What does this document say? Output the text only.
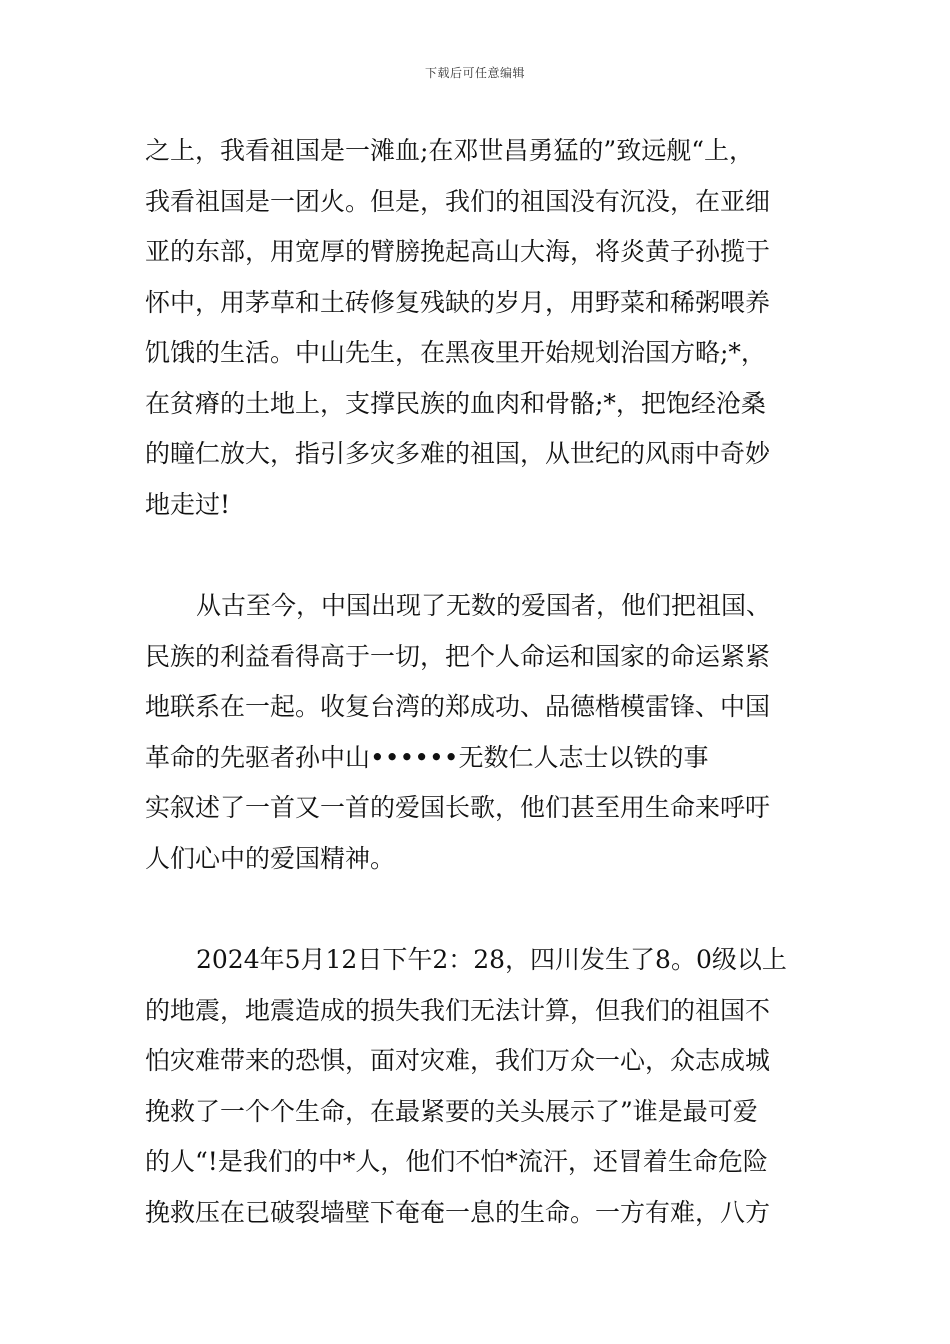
下载后可任意编辑
之上，我看祖国是一滩血;在邓世昌勇猛的”致远舰“上，
我看祖国是一团火。但是，我们的祖国没有沉没，在亚细
亚的东部，用宽厚的臂膀挽起高山大海，将炎黄子孙揽于
怀中，用茅草和土砖修复残缺的岁月，用野菜和稀粥喂养
饥饿的生活。中山先生，在黑夜里开始规划治国方略;*，
在贫瘠的土地上，支撑民族的血肉和骨骼;*，把饱经沧桑
的瞳仁放大，指引多灾多难的祖国，从世纪的风雨中奇妙
地走过!
从古至今，中国出现了无数的爱国者，他们把祖国、
民族的利益看得高于一切，把个人命运和国家的命运紧紧
地联系在一起。收复台湾的郑成功、品德楷模雷锋、中国
革命的先驱者孙中山••••••无数仁人志士以铁的事
实叙述了一首又一首的爱国长歌，他们甚至用生命来呼吁
人们心中的爱国精神。
2024年5月12日下午2：28，四川发生了8。0级以上
的地震，地震造成的损失我们无法计算，但我们的祖国不
怕灾难带来的恐惧，面对灾难，我们万众一心，众志成城
挽救了一个个生命，在最紧要的关头展示了”谁是最可爱
的人“!是我们的中*人，他们不怕*流汗，还冒着生命危险
挽救压在已破裂墙壁下奄奄一息的生命。一方有难，八方
